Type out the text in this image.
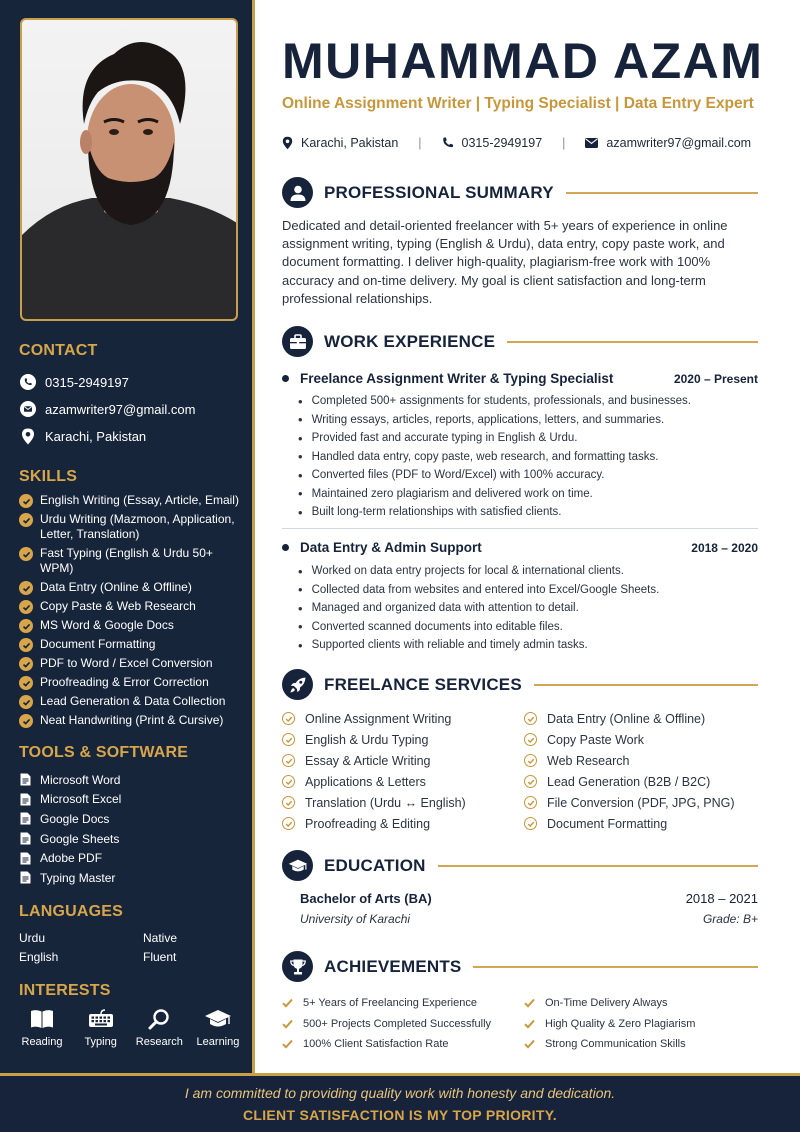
CONTACT
0315-2949197
azamwriter97@gmail.com
Karachi, Pakistan
SKILLS
English Writing (Essay, Article, Email)
Urdu Writing (Mazmoon, Application, Letter, Translation)
Fast Typing (English & Urdu 50+ WPM)
Data Entry (Online & Offline)
Copy Paste & Web Research
MS Word & Google Docs
Document Formatting
PDF to Word / Excel Conversion
Proofreading & Error Correction
Lead Generation & Data Collection
Neat Handwriting (Print & Cursive)
TOOLS & SOFTWARE
Microsoft Word
Microsoft Excel
Google Docs
Google Sheets
Adobe PDF
Typing Master
LANGUAGES
Urdu	Native
English	Fluent
INTERESTS
Reading Typing Research Learning
MUHAMMAD AZAM
Online Assignment Writer | Typing Specialist | Data Entry Expert
Karachi, Pakistan |	0315-2949197 |	azamwriter97@gmail.com
PROFESSIONAL SUMMARY
Dedicated and detail-oriented freelancer with 5+ years of experience in online assignment writing, typing (English & Urdu), data entry, copy paste work, and document formatting. I deliver high-quality, plagiarism-free work with 100% accuracy and on-time delivery. My goal is client satisfaction and long-term professional relationships.
WORK EXPERIENCE
Freelance Assignment Writer & Typing Specialist	2020 – Present
• Completed 500+ assignments for students, professionals, and businesses.
• Writing essays, articles, reports, applications, letters, and summaries.
• Provided fast and accurate typing in English & Urdu.
• Handled data entry, copy paste, web research, and formatting tasks.
• Converted files (PDF to Word/Excel) with 100% accuracy.
• Maintained zero plagiarism and delivered work on time.
• Built long-term relationships with satisfied clients.
Data Entry & Admin Support	2018 – 2020
• Worked on data entry projects for local & international clients.
• Collected data from websites and entered into Excel/Google Sheets.
• Managed and organized data with attention to detail.
• Converted scanned documents into editable files.
• Supported clients with reliable and timely admin tasks.
FREELANCE SERVICES
Online Assignment Writing
English & Urdu Typing
Essay & Article Writing
Applications & Letters
Translation (Urdu ↔ English)
Proofreading & Editing
Data Entry (Online & Offline)
Copy Paste Work
Web Research
Lead Generation (B2B / B2C)
File Conversion (PDF, JPG, PNG)
Document Formatting
EDUCATION
Bachelor of Arts (BA)	2018 – 2021
University of Karachi	Grade: B+
ACHIEVEMENTS
5+ Years of Freelancing Experience
500+ Projects Completed Successfully
100% Client Satisfaction Rate
On-Time Delivery Always
High Quality & Zero Plagiarism
Strong Communication Skills
I am committed to providing quality work with honesty and dedication.
CLIENT SATISFACTION IS MY TOP PRIORITY.
